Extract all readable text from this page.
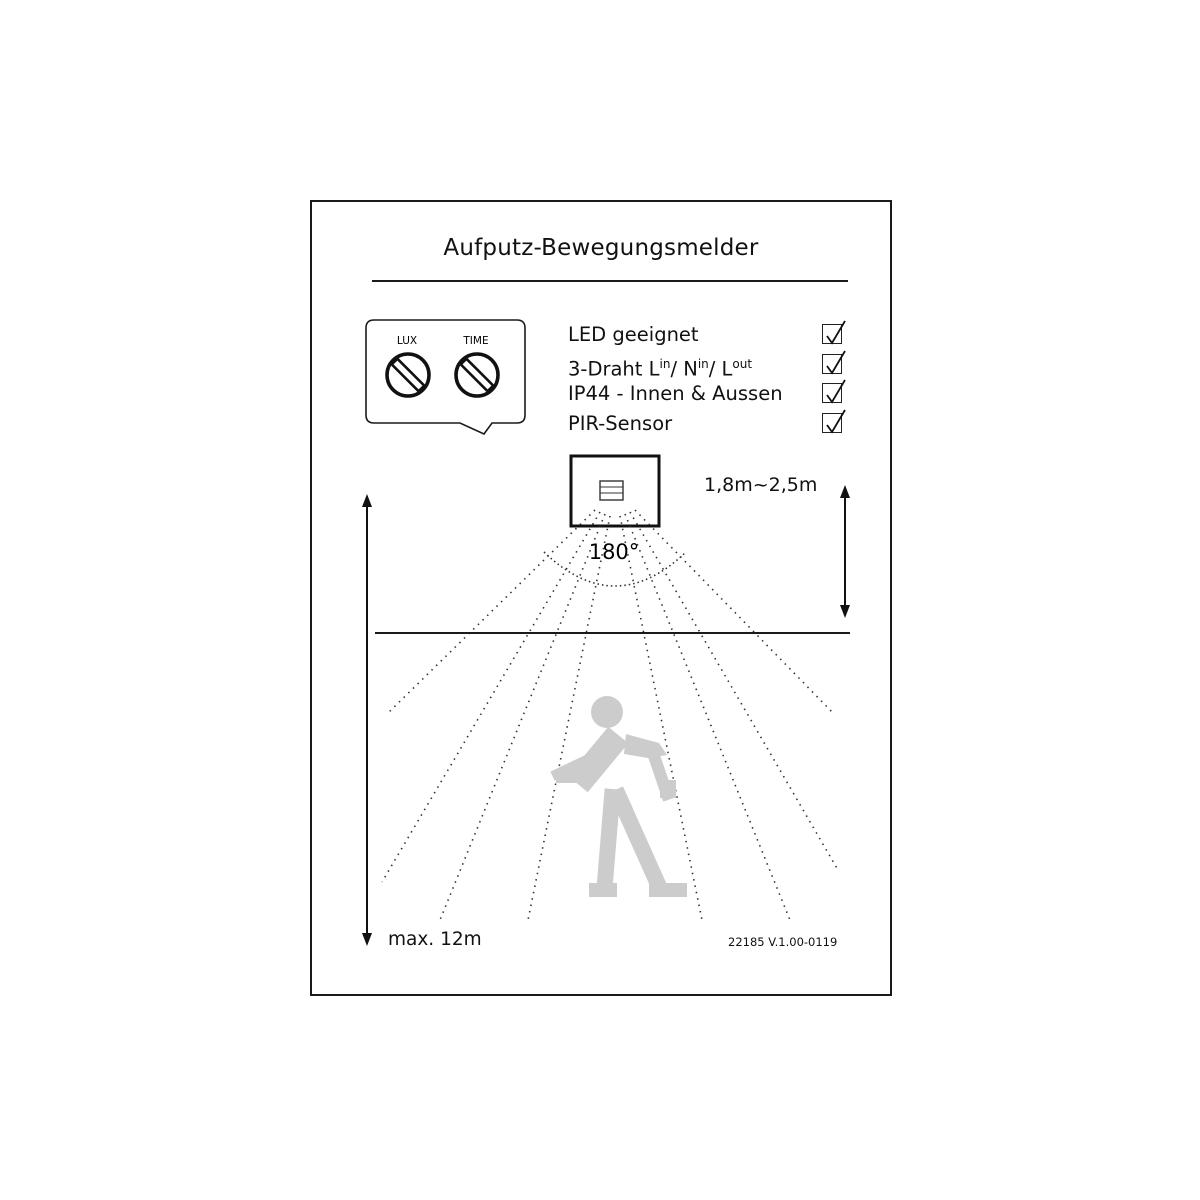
Aufputz-Bewegungsmelder
LUX	TIME
180°
LED geeignet
3-Draht $L^{in}/$ $N^{in}/$ $L^{out}$
IP44 - Innen & Aussen
PIR-Sensor
1,8m~2,5m
max. 12m	22185 V.1.00-0119
